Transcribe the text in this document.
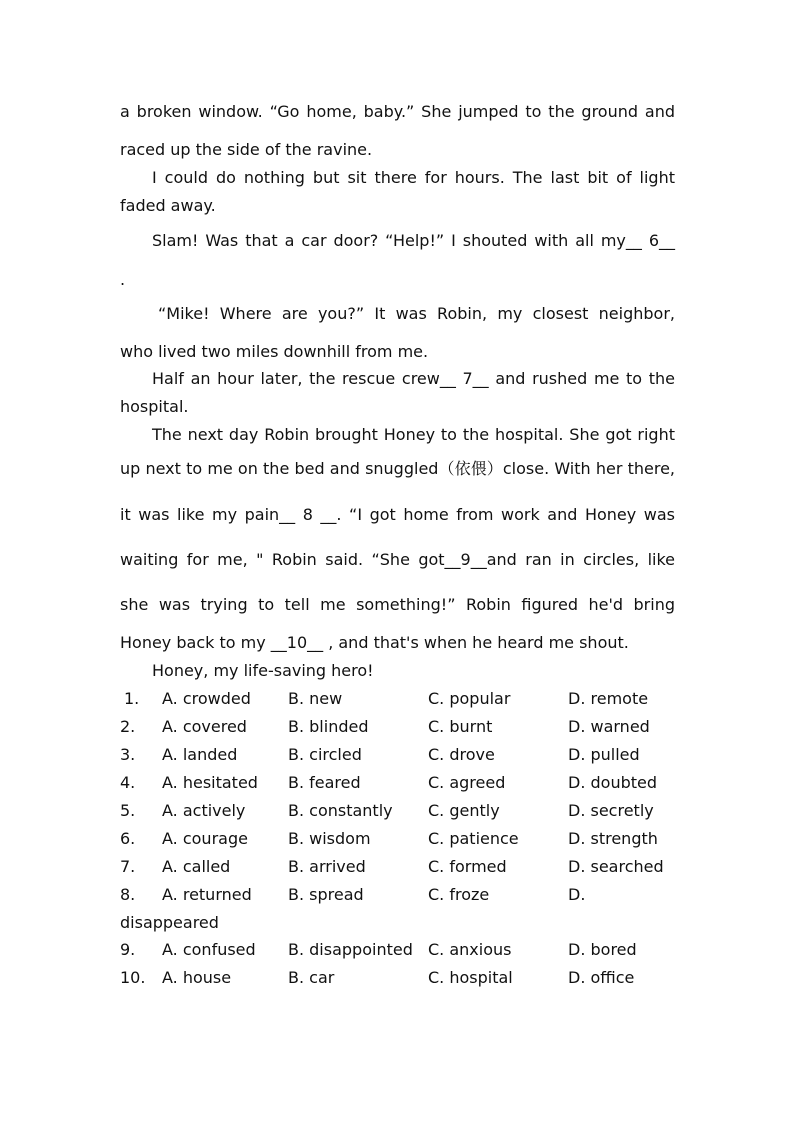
a broken window. “Go home, baby.” She jumped to the ground and
raced up the side of the ravine.
I could do nothing but sit there for hours. The last bit of light
faded away.
Slam! Was that a car door? “Help!” I shouted with all my__ 6__
.
“Mike! Where are you?” It was Robin, my closest neighbor,
who lived two miles downhill from me.
Half an hour later, the rescue crew__ 7__ and rushed me to the
hospital.
The next day Robin brought Honey to the hospital. She got right
up next to me on the bed and snuggled（依偎）close. With her there,
it was like my pain__ 8 __. “I got home from work and Honey was
waiting for me, " Robin said. “She got__9__and ran in circles, like
she was trying to tell me something!” Robin figured he'd bring
Honey back to my __10__ , and that's when he heard me shout.
Honey, my life-saving hero!
1. A. crowded B. new	C. popular	D. remote
2. A. covered	B. blinded	C. burnt	D. warned
3. A. landed	B. circled	C. drove	D. pulled
4. A. hesitated B. feared	C. agreed	D. doubted
5. A. actively	B. constantly C. gently	D. secretly
6. A. courage	B. wisdom	C. patience	D. strength
7. A. called	B. arrived	C. formed	D. searched
8. A. returned B. spread	C. froze	D.
disappeared
9. A. confused B. disappointed C. anxious	D. bored
10. A. house	B. car	C. hospital	D. office
